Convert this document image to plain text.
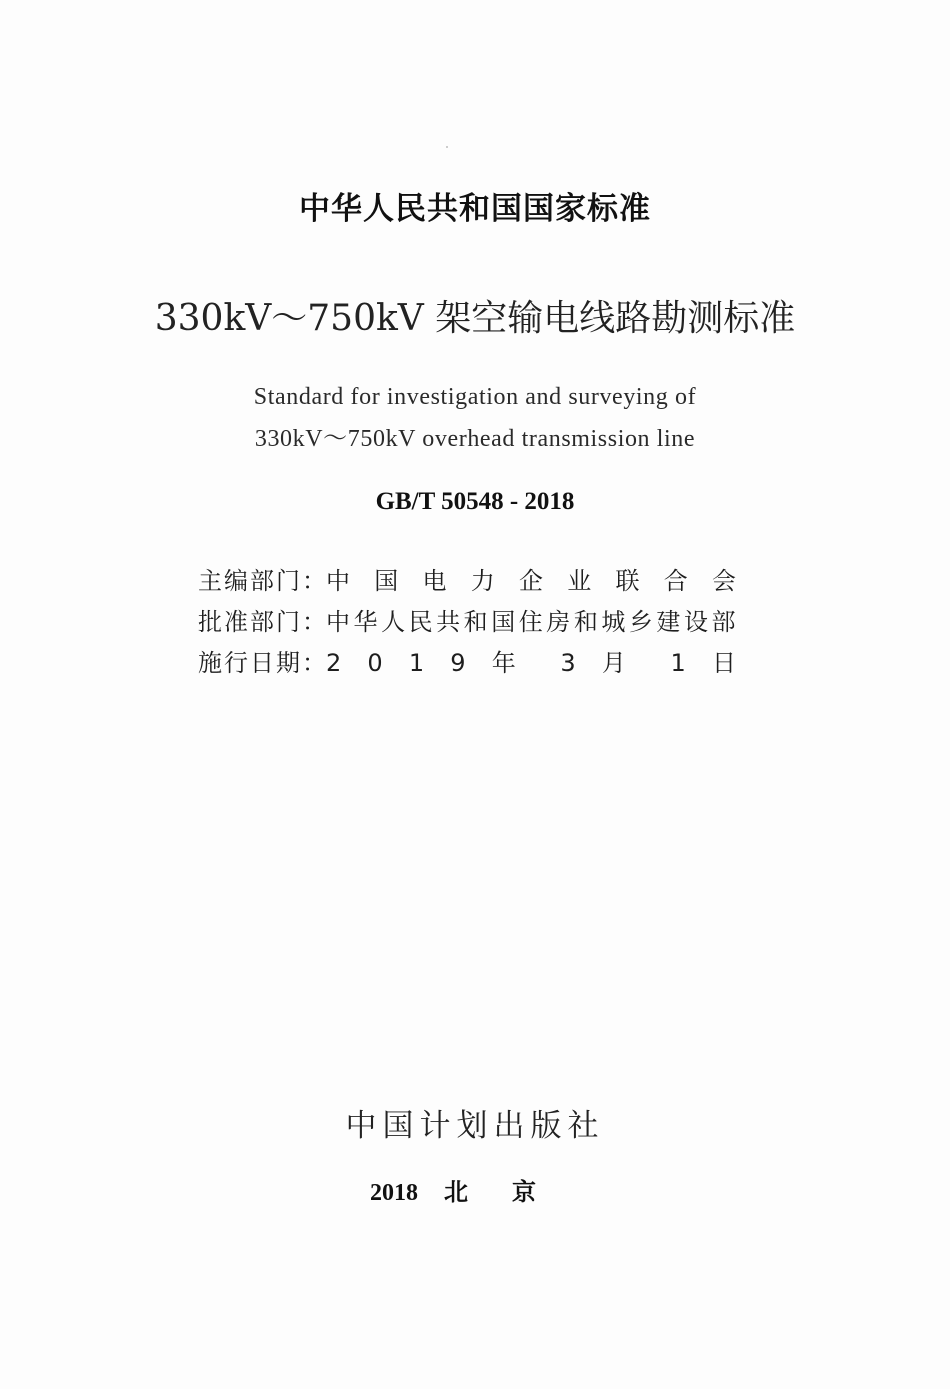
中华人民共和国国家标准
330kV～750kV 架空输电线路勘测标准
Standard for investigation and surveying of
330kV～750kV overhead transmission line
GB/T 50548 - 2018
主编部门：
中 国 电 力 企 业 联 合 会
批准部门：
中华人民共和国住房和城乡建设部
施行日期：
2 0 1 9 年 3 月 1 日
中国计划出版社
2018 北京
